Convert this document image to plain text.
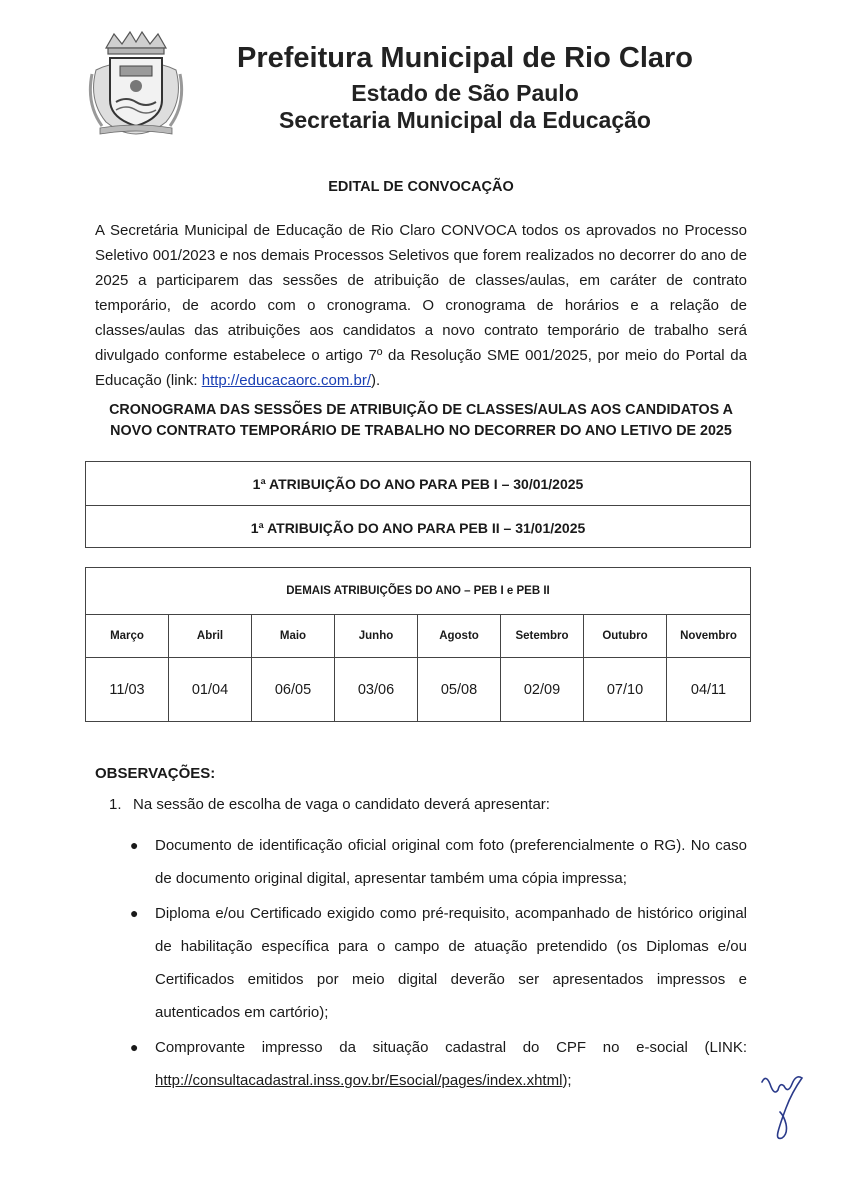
Prefeitura Municipal de Rio Claro
Estado de São Paulo
Secretaria Municipal da Educação
EDITAL DE CONVOCAÇÃO
A Secretária Municipal de Educação de Rio Claro CONVOCA todos os aprovados no Processo Seletivo 001/2023 e nos demais Processos Seletivos que forem realizados no decorrer do ano de 2025 a participarem das sessões de atribuição de classes/aulas, em caráter de contrato temporário, de acordo com o cronograma. O cronograma de horários e a relação de classes/aulas das atribuições aos candidatos a novo contrato temporário de trabalho será divulgado conforme estabelece o artigo 7º da Resolução SME 001/2025, por meio do Portal da Educação (link: http://educacaorc.com.br/).
CRONOGRAMA DAS SESSÕES DE ATRIBUIÇÃO DE CLASSES/AULAS AOS CANDIDATOS A NOVO CONTRATO TEMPORÁRIO DE TRABALHO NO DECORRER DO ANO LETIVO DE 2025
1ª ATRIBUIÇÃO DO ANO PARA PEB I – 30/01/2025
1ª ATRIBUIÇÃO DO ANO PARA PEB II – 31/01/2025
DEMAIS ATRIBUIÇÕES DO ANO – PEB I e PEB II
Março	Abril	Maio	Junho	Agosto	Setembro	Outubro	Novembro
11/03	01/04	06/05	03/06	05/08	02/09	07/10	04/11
OBSERVAÇÕES:
1. Na sessão de escolha de vaga o candidato deverá apresentar:
● Documento de identificação oficial original com foto (preferencialmente o RG). No caso de documento original digital, apresentar também uma cópia impressa;
● Diploma e/ou Certificado exigido como pré-requisito, acompanhado de histórico original de habilitação específica para o campo de atuação pretendido (os Diplomas e/ou Certificados emitidos por meio digital deverão ser apresentados impressos e autenticados em cartório);
● Comprovante impresso da situação cadastral do CPF no e-social (LINK: http://consultacadastral.inss.gov.br/Esocial/pages/index.xhtml);
